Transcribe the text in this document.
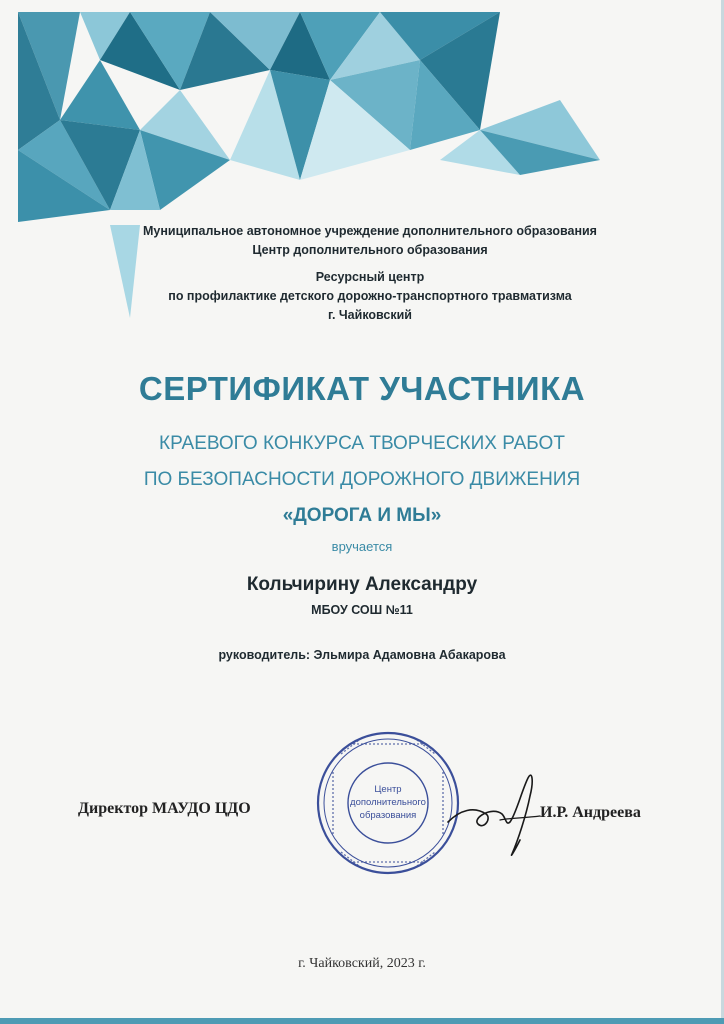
Муниципальное автономное учреждение дополнительного образования
Центр дополнительного образования
Ресурсный центр
по профилактике детского дорожно-транспортного травматизма
г. Чайковский
СЕРТИФИКАТ УЧАСТНИКА
КРАЕВОГО КОНКУРСА ТВОРЧЕСКИХ РАБОТ
ПО БЕЗОПАСНОСТИ ДОРОЖНОГО ДВИЖЕНИЯ
«ДОРОГА И МЫ»
вручается
Кольчирину Александру
МБОУ СОШ №11
руководитель: Эльмира Адамовна Абакарова
Директор МАУДО ЦДО
Центр
дополнительного
образования	И.Р. Андреева
г. Чайковский, 2023 г.
